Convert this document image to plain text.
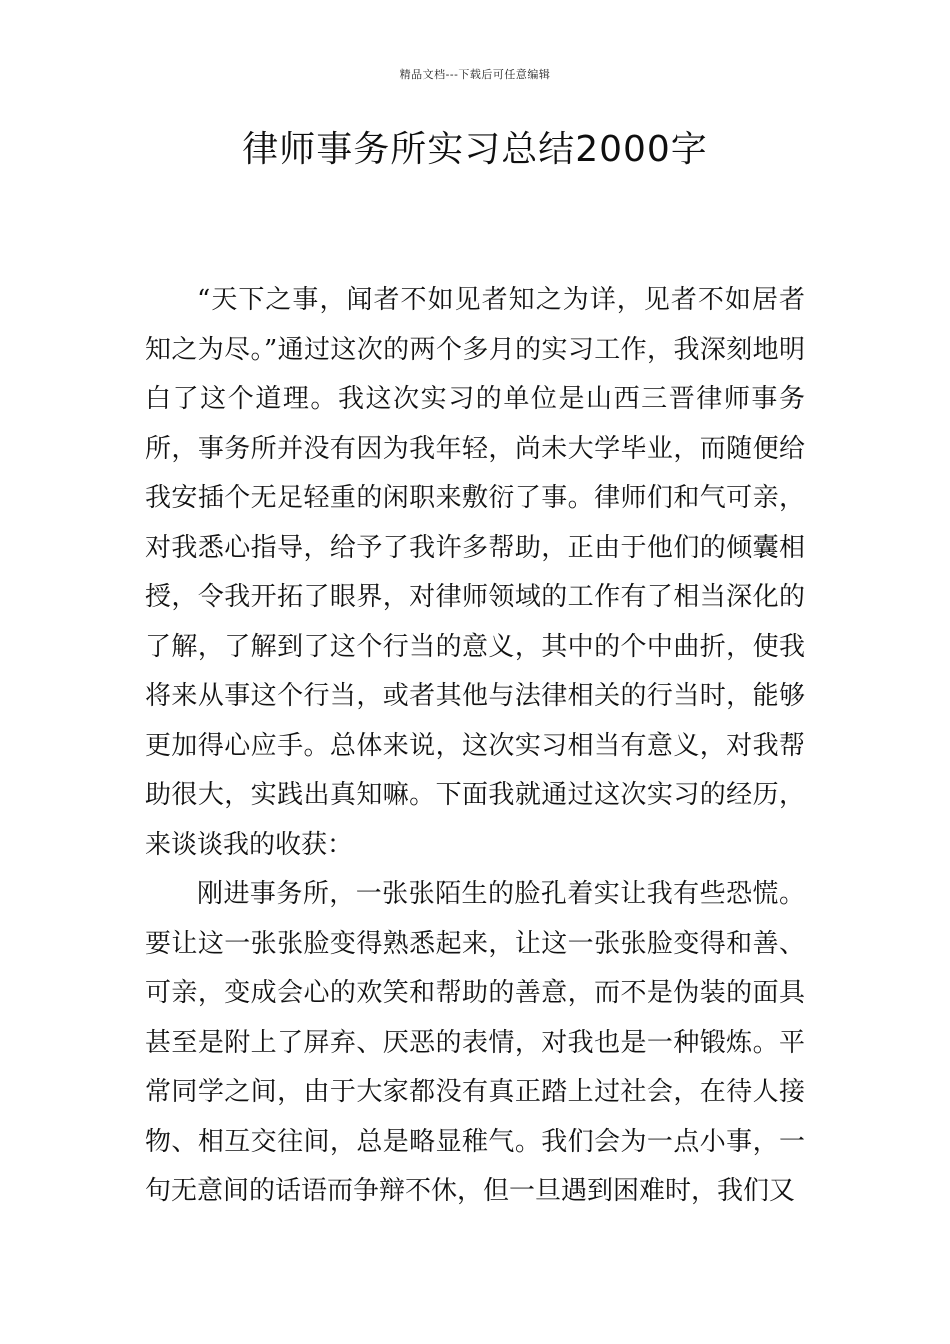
精品文档---下载后可任意编辑
律师事务所实习总结2000字

“天下之事，闻者不如见者知之为详，见者不如居者知之为尽。”通过这次的两个多月的实习工作，我深刻地明白了这个道理。我这次实习的单位是山西三晋律师事务所，事务所并没有因为我年轻，尚未大学毕业，而随便给我安插个无足轻重的闲职来敷衍了事。律师们和气可亲，对我悉心指导，给予了我许多帮助，正由于他们的倾囊相授，令我开拓了眼界，对律师领域的工作有了相当深化的了解，了解到了这个行当的意义，其中的个中曲折，使我将来从事这个行当，或者其他与法律相关的行当时，能够更加得心应手。总体来说，这次实习相当有意义，对我帮助很大，实践出真知嘛。下面我就通过这次实习的经历，来谈谈我的收获：

刚进事务所，一张张陌生的脸孔着实让我有些恐慌。要让这一张张脸变得熟悉起来，让这一张张脸变得和善、可亲，变成会心的欢笑和帮助的善意，而不是伪装的面具甚至是附上了屏弃、厌恶的表情，对我也是一种锻炼。平常同学之间，由于大家都没有真正踏上过社会，在待人接物、相互交往间，总是略显稚气。我们会为一点小事，一句无意间的话语而争辩不休，但一旦遇到困难时，我们又
